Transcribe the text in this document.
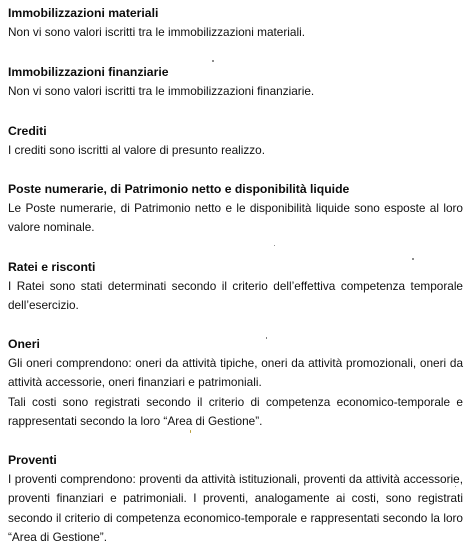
Immobilizzazioni materiali

Non vi sono valori iscritti tra le immobilizzazioni materiali.

Immobilizzazioni finanziarie

Non vi sono valori iscritti tra le immobilizzazioni finanziarie.

Crediti

I crediti sono iscritti al valore di presunto realizzo.

Poste numerarie, di Patrimonio netto e disponibilità liquide

Le Poste numerarie, di Patrimonio netto e le disponibilità liquide sono esposte al loro valore nominale.

Ratei e risconti

I Ratei sono stati determinati secondo il criterio dell’effettiva competenza temporale dell’esercizio.

Oneri

Gli oneri comprendono: oneri da attività tipiche, oneri da attività promozionali, oneri da attività accessorie, oneri finanziari e patrimoniali.

Tali costi sono registrati secondo il criterio di competenza economico-temporale e rappresentati secondo la loro “Area di Gestione”.

Proventi

I proventi comprendono: proventi da attività istituzionali, proventi da attività accessorie, proventi finanziari e patrimoniali. I proventi, analogamente ai costi, sono registrati secondo il criterio di competenza economico-temporale e rappresentati secondo la loro “Area di Gestione”.
